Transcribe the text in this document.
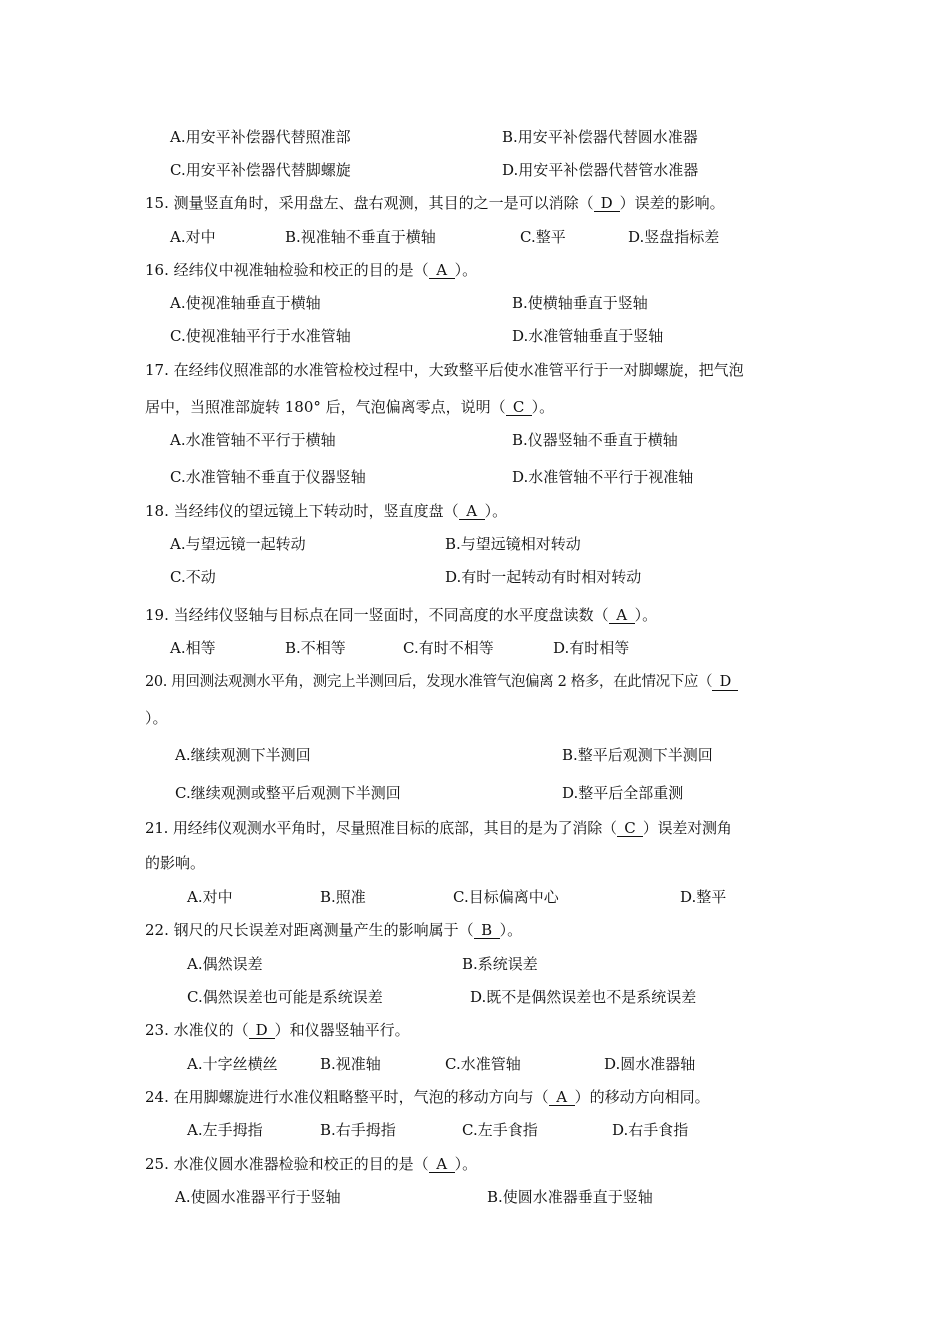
A.用安平补偿器代替照准部	B.用安平补偿器代替圆水准器
C.用安平补偿器代替脚螺旋	D.用安平补偿器代替管水准器
15. 测量竖直角时，采用盘左、盘右观测，其目的之一是可以消除（ D ）误差的影响。
A.对中	B.视准轴不垂直于横轴	C.整平	D.竖盘指标差
16. 经纬仪中视准轴检验和校正的目的是（ A ）。
A.使视准轴垂直于横轴	B.使横轴垂直于竖轴
C.使视准轴平行于水准管轴	D.水准管轴垂直于竖轴
17. 在经纬仪照准部的水准管检校过程中，大致整平后使水准管平行于一对脚螺旋，把气泡
居中，当照准部旋转 180° 后，气泡偏离零点，说明（ C ）。
A.水准管轴不平行于横轴	B.仪器竖轴不垂直于横轴
C.水准管轴不垂直于仪器竖轴	D.水准管轴不平行于视准轴
18. 当经纬仪的望远镜上下转动时，竖直度盘（ A ）。
A.与望远镜一起转动	B.与望远镜相对转动
C.不动	D.有时一起转动有时相对转动
19. 当经纬仪竖轴与目标点在同一竖面时，不同高度的水平度盘读数（ A ）。
A.相等	B.不相等	C.有时不相等	D.有时相等
20. 用回测法观测水平角，测完上半测回后，发现水准管气泡偏离 2 格多，在此情况下应（ D
）。
A.继续观测下半测回	B.整平后观测下半测回
C.继续观测或整平后观测下半测回	D.整平后全部重测
21. 用经纬仪观测水平角时，尽量照准目标的底部，其目的是为了消除（ C ）误差对测角
的影响。
A.对中	B.照准	C.目标偏离中心	D.整平
22. 钢尺的尺长误差对距离测量产生的影响属于（ B ）。
A.偶然误差	B.系统误差
C.偶然误差也可能是系统误差	D.既不是偶然误差也不是系统误差
23. 水准仪的（ D ）和仪器竖轴平行。
A.十字丝横丝	B.视准轴	C.水准管轴	D.圆水准器轴
24. 在用脚螺旋进行水准仪粗略整平时，气泡的移动方向与（ A ）的移动方向相同。
A.左手拇指	B.右手拇指	C.左手食指	D.右手食指
25. 水准仪圆水准器检验和校正的目的是（ A ）。
A.使圆水准器平行于竖轴	B.使圆水准器垂直于竖轴
